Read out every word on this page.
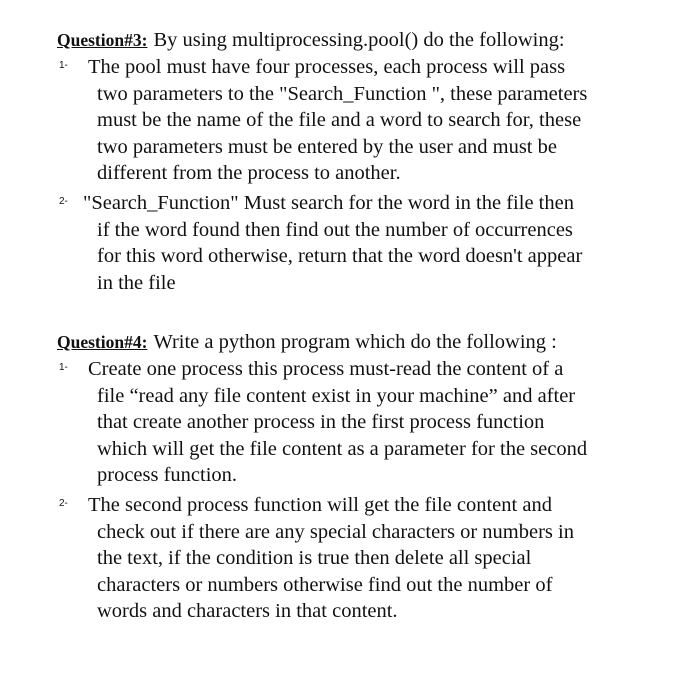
Question#3: By using multiprocessing.pool() do the following:
1- The pool must have four processes, each process will pass
two parameters to the "Search_Function ", these parameters
must be the name of the file and a word to search for, these
two parameters must be entered by the user and must be
different from the process to another.
2- "Search_Function" Must search for the word in the file then
if the word found then find out the number of occurrences
for this word otherwise, return that the word doesn't appear
in the file
Question#4: Write a python program which do the following :
1- Create one process this process must-read the content of a
file “read any file content exist in your machine” and after
that create another process in the first process function
which will get the file content as a parameter for the second
process function.
2- The second process function will get the file content and
check out if there are any special characters or numbers in
the text, if the condition is true then delete all special
characters or numbers otherwise find out the number of
words and characters in that content.
